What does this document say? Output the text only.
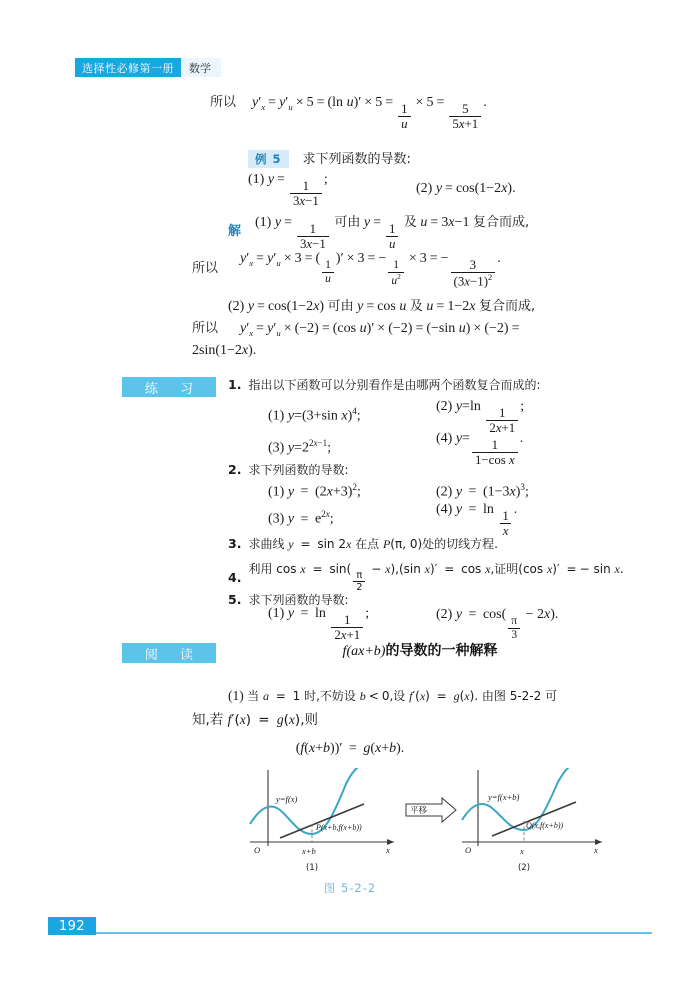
选择性必修第一册	数学
所以 $y'_x = y'_u \times 5 = (\ln$ $u)' \times 5 = \frac{1}{u} \times 5 = \frac{5}{5x+1}$ .
例 5	求下列函数的导数:
(1) $y = \frac{1}{3x-1}$ ;
(2) y = cos(1−2x).
解
(1) $y = \frac{1}{3x-1}$ 可由 $y = \frac{1}{u}$ 及 u = 3x−1 复合而成,
所以
$y'_x = y'_u \times 3$ = (
$\frac{1}{u}$
)′ × 3 = −
$\frac{1}{u^2}$
× 3 = − $\frac{3}{(3x-1)^2}$ .
(2) y = cos(1−2x) 可由 y = cos u 及 u = 1−2x 复合而成,
所以 $y'_x = y'_u \times (-2) = (\cos$ u)′ × (−2) = (−sin u) × (−2) =
2sin(1−2x).
练 习	1. 指出以下函数可以分别看作是由哪两个函数复合而成的:
(1) y=(3+sin x)$^4$;
(2) $y=\ln \frac{1}{2x+1}$ ;
(3) $y=2^{2x-1}$;
(4) $y= \frac{1}{\text{1−cos x}}$ .
2. 求下列函数的导数:
(1) $y = (2x+3)^2$;	(2) $y = (1-3x)^3$;
(3) $y = e^{2x}$;
(4) $y = \ln \frac{1}{x}$ .
3. 求曲线 y = sin 2x 在点 P(π, 0)处的切线方程.
4.
利用 cos x = sin(
$\frac{\pi}{2}$
− x),(sin x)′ = cos x,证明(cos x)′ = − sin x.
5. 求下列函数的导数:
(1) $y = \ln \frac{1}{2x+1}$ ;	(2) y = cos(
$\frac{\pi}{3}$
− 2x).
阅 读	f(ax+b)的导数的一种解释
(1) 当 a = 1 时,不妨设 b < 0,设 f′(x) = g(x). 由图 5-2-2 可
知,若 f′(x) = g(x),则
(f(x+b))′ = g(x+b).
y=f(x)
P(x+b,f(x+b))
O	x+b	x
(1)
平移
y=f(x+b)
Q(x,f(x+b))
O	x	x
(2)
图 5-2-2
192
